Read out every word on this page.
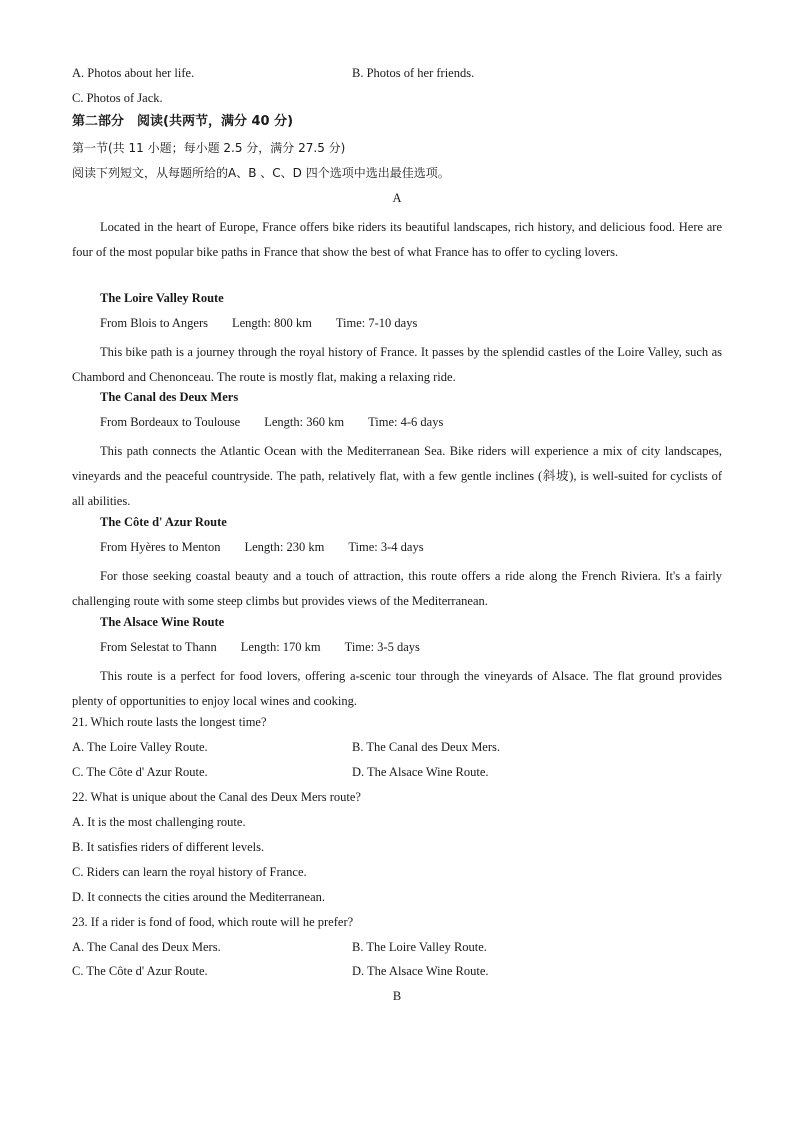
A. Photos about her life.	B. Photos of her friends.
C. Photos of Jack.
第二部分　阅读(共两节，满分 40 分)
第一节(共 11 小题；每小题 2.5 分，满分 27.5 分)
阅读下列短文，从每题所给的A、B 、C、D 四个选项中选出最佳选项。
A
Located in the heart of Europe, France offers bike riders its beautiful landscapes, rich history, and delicious food. Here are four of the most popular bike paths in France that show the best of what France has to offer to cycling lovers.
The Loire Valley Route
From Blois to Angers Length: 800 km Time: 7-10 days
This bike path is a journey through the royal history of France. It passes by the splendid castles of the Loire Valley, such as Chambord and Chenonceau. The route is mostly flat, making a relaxing ride.
The Canal des Deux Mers
From Bordeaux to Toulouse Length: 360 km Time: 4-6 days
This path connects the Atlantic Ocean with the Mediterranean Sea. Bike riders will experience a mix of city landscapes, vineyards and the peaceful countryside. The path, relatively flat, with a few gentle inclines (斜坡), is well-suited for cyclists of all abilities.
The Côte d' Azur Route
From Hyères to Menton Length: 230 km Time: 3-4 days
For those seeking coastal beauty and a touch of attraction, this route offers a ride along the French Riviera. It's a fairly challenging route with some steep climbs but provides views of the Mediterranean.
The Alsace Wine Route
From Selestat to Thann Length: 170 km Time: 3-5 days
This route is a perfect for food lovers, offering a-scenic tour through the vineyards of Alsace. The flat ground provides plenty of opportunities to enjoy local wines and cooking.
21. Which route lasts the longest time?
A. The Loire Valley Route.	B. The Canal des Deux Mers.
C. The Côte d' Azur Route.	D. The Alsace Wine Route.
22. What is unique about the Canal des Deux Mers route?
A. It is the most challenging route.
B. It satisfies riders of different levels.
C. Riders can learn the royal history of France.
D. It connects the cities around the Mediterranean.
23. If a rider is fond of food, which route will he prefer?
A. The Canal des Deux Mers.	B. The Loire Valley Route.
C. The Côte d' Azur Route.	D. The Alsace Wine Route.
B
